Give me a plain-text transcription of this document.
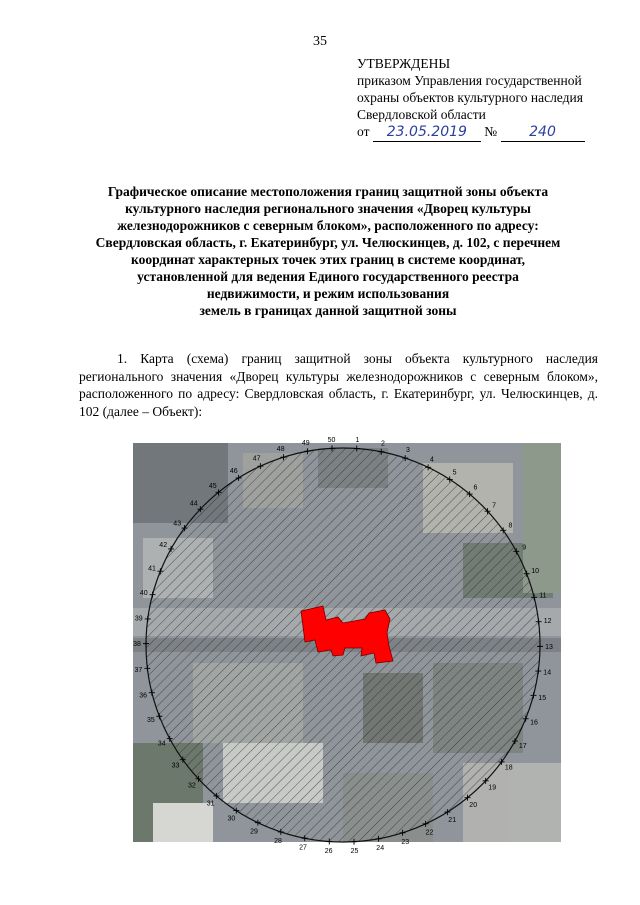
35
УТВЕРЖДЕНЫ
приказом Управления государственной
охраны объектов культурного наследия
Свердловской области
от 23.05.2019 № 240
Графическое описание местоположения границ защитной зоны объекта
культурного наследия регионального значения «Дворец культуры
железнодорожников с северным блоком», расположенного по адресу:
Свердловская область, г. Екатеринбург, ул. Челюскинцев, д. 102, с перечнем
координат характерных точек этих границ в системе координат,
установленной для ведения Единого государственного реестра
недвижимости, и режим использования
земель в границах данной защитной зоны
1. Карта (схема) границ защитной зоны объекта культурного наследия регионального значения «Дворец культуры железнодорожников с северным блоком», расположенного по адресу: Свердловская область, г. Екатеринбург, ул. Челюскинцев, д. 102 (далее – Объект):
1	2
3
4
5
6
7
8
9
10
11
12
13
14
15
16
17
18
19
20
21
22
23
24
25
26
27
28
29
30
31
32
33
34
35
36
37
38
39
40
41
42
43
44
45
46
47
48
49	50
